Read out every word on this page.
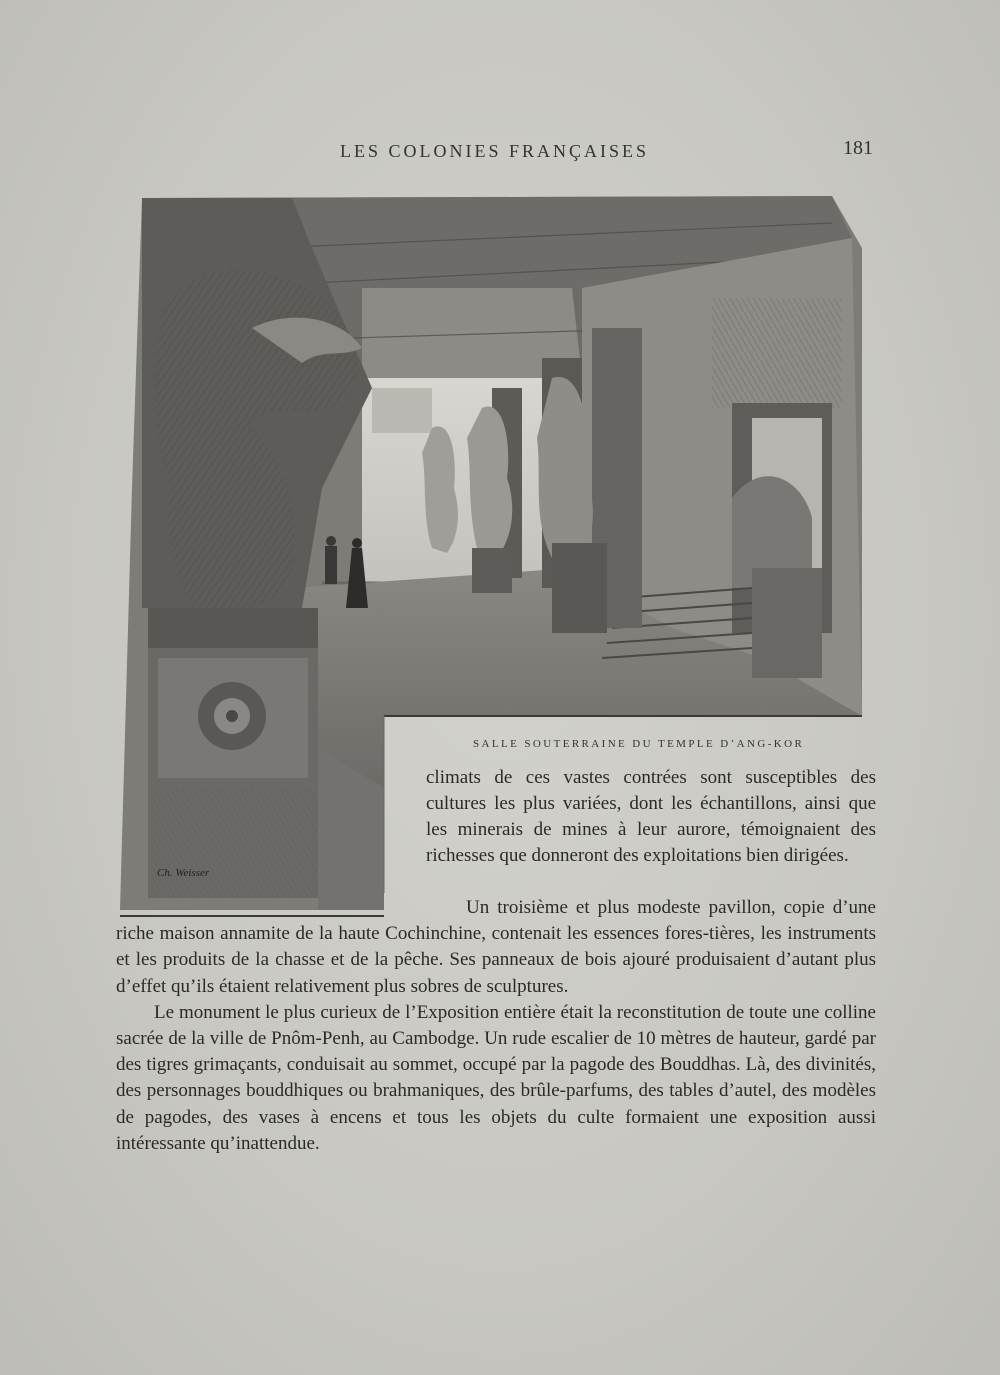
LES COLONIES FRANÇAISES	181
Ch. Weisser
SALLE SOUTERRAINE DU TEMPLE D’ANG-KOR

climats de ces vastes contrées sont susceptibles des cultures les plus variées, dont les échantillons, ainsi que les minerais de mines à leur aurore, témoignaient des richesses que donneront des exploitations bien dirigées.

Un troisième et plus modeste pavillon, copie d’une riche maison annamite de la haute Cochinchine, contenait les essences fores-tières, les instruments et les produits de la chasse et de la pêche. Ses panneaux de bois ajouré produisaient d’autant plus d’effet qu’ils étaient relativement plus sobres de sculptures.

Le monument le plus curieux de l’Exposition entière était la reconstitution de toute une colline sacrée de la ville de Pnôm-Penh, au Cambodge. Un rude escalier de 10 mètres de hauteur, gardé par des tigres grimaçants, conduisait au sommet, occupé par la pagode des Bouddhas. Là, des divinités, des personnages bouddhiques ou brahmaniques, des brûle-parfums, des tables d’autel, des modèles de pagodes, des vases à encens et tous les objets du culte formaient une exposition aussi intéressante qu’inattendue.
